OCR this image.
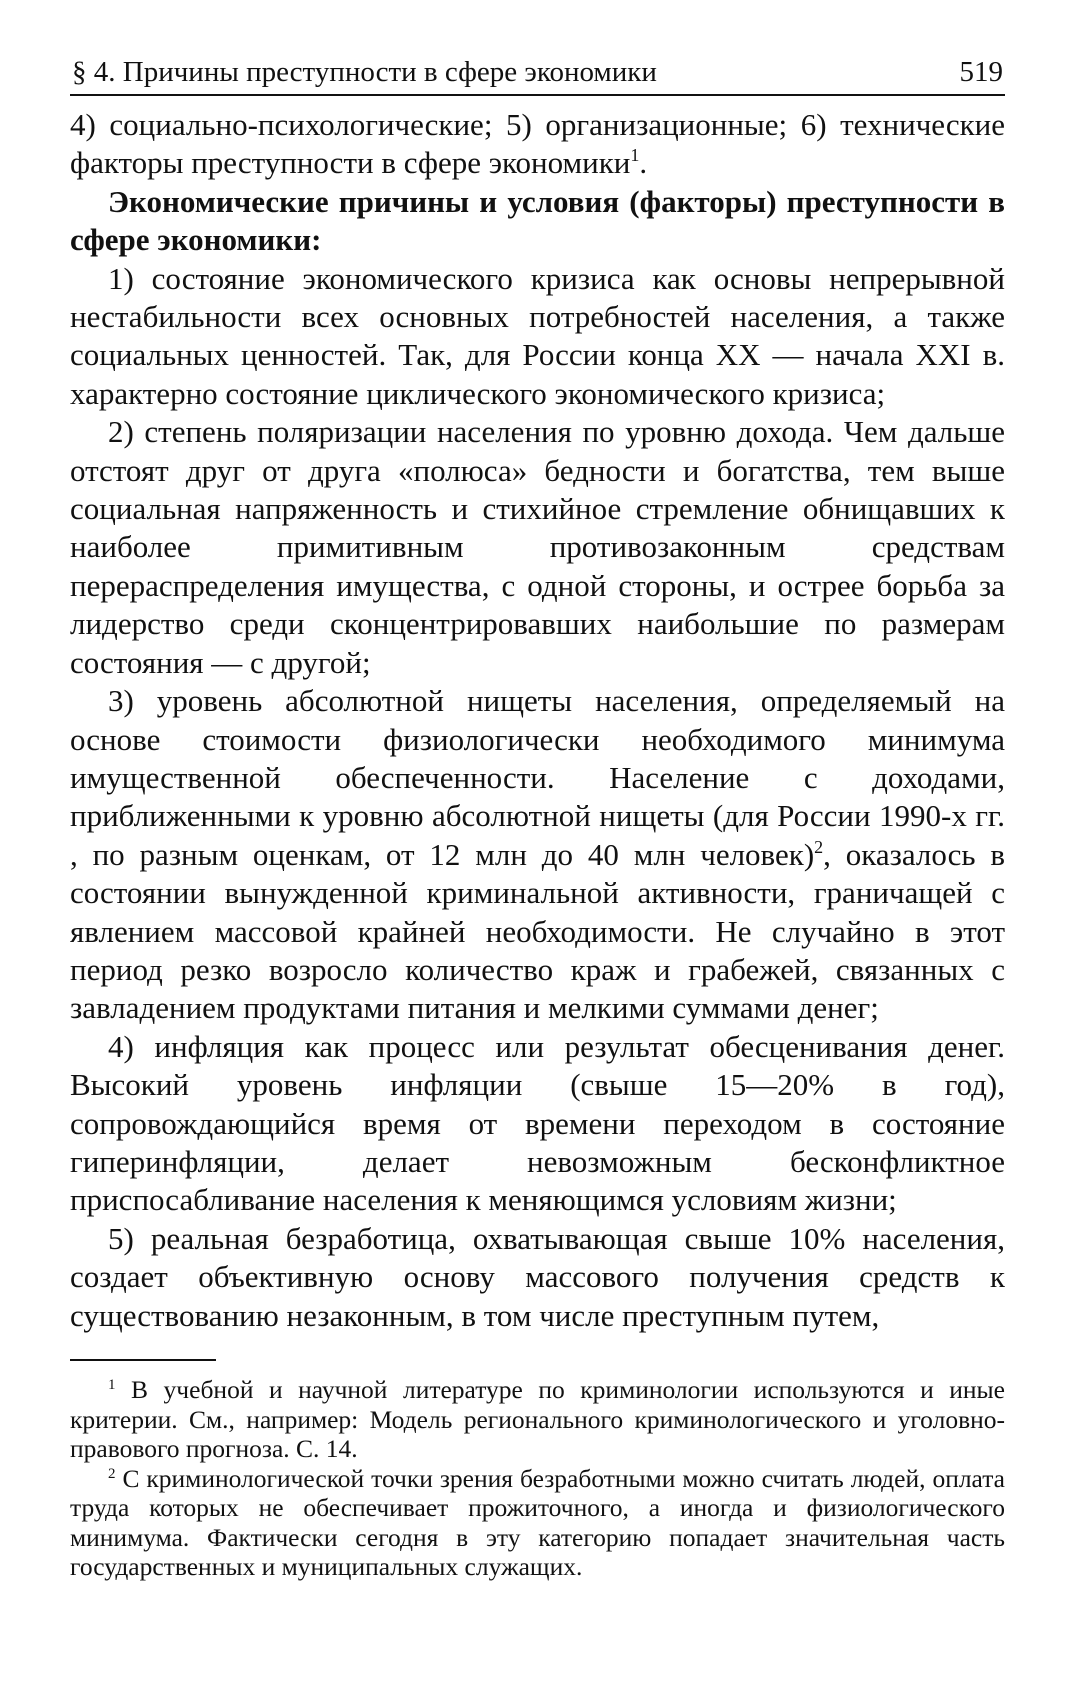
§ 4. Причины преступности в сфере экономики	519

4) социально-психологические; 5) организационные; 6) технические факторы преступности в сфере экономики$^1$.

Экономические причины и условия (факторы) преступности в сфере экономики:

1) состояние экономического кризиса как основы непрерывной нестабильности всех основных потребностей населения, а также социальных ценностей. Так, для России конца XX — начала XXI в. характерно состояние циклического экономического кризиса;

2) степень поляризации населения по уровню дохода. Чем дальше отстоят друг от друга «полюса» бедности и богатства, тем выше социальная напряженность и стихийное стремление обнищавших к наиболее примитивным противозаконным средствам перераспределения имущества, с одной стороны, и острее борьба за лидерство среди сконцентрировавших наибольшие по размерам состояния — с другой;

3) уровень абсолютной нищеты населения, определяемый на основе стоимости физиологически необходимого минимума имущественной обеспеченности. Население с доходами, приближенными к уровню абсолютной нищеты (для России 1990-х гг. , по разным оценкам, от 12 млн до 40 млн человек)$^2$, оказалось в состоянии вынужденной криминальной активности, граничащей с явлением массовой крайней необходимости. Не случайно в этот период резко возросло количество краж и грабежей, связанных с завладением продуктами питания и мелкими суммами денег;

4) инфляция как процесс или результат обесценивания денег. Высокий уровень инфляции (свыше 15—20% в год), сопровождающийся время от времени переходом в состояние гиперинфляции, делает невозможным бесконфликтное приспосабливание населения к меняющимся условиям жизни;

5) реальная безработица, охватывающая свыше 10% населения, создает объективную основу массового получения средств к существованию незаконным, в том числе преступным путем,

$^1$ В учебной и научной литературе по криминологии используются и иные критерии. См., например: Модель регионального криминологического и уголовно-правового прогноза. С. 14.

$^2$ С криминологической точки зрения безработными можно считать людей, оплата труда которых не обеспечивает прожиточного, а иногда и физиологического минимума. Фактически сегодня в эту категорию попадает значительная часть государственных и муниципальных служащих.
